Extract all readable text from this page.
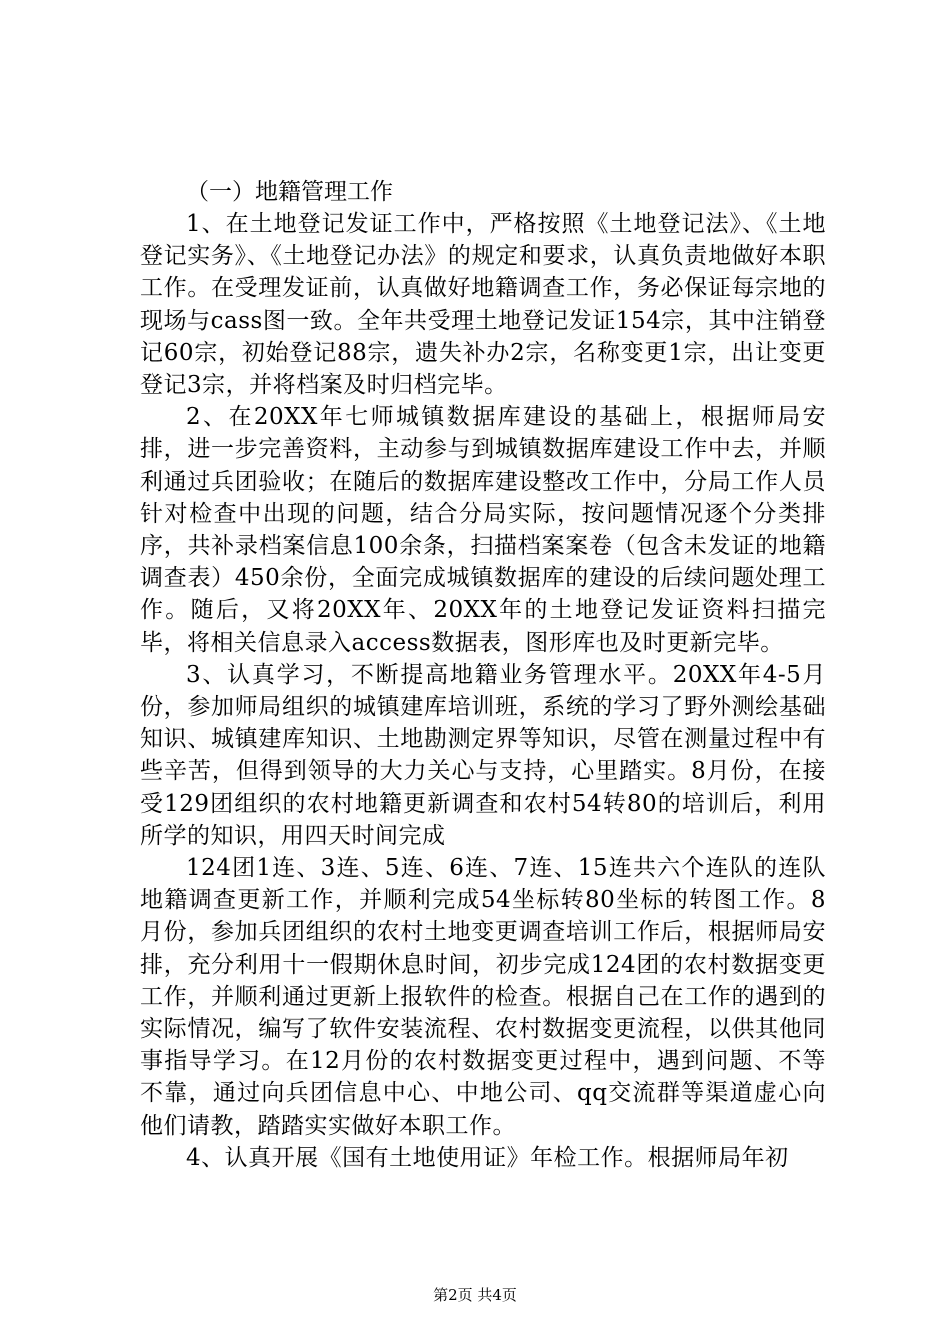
（一）地籍管理工作

1、在土地登记发证工作中，严格按照《土地登记法》、《土地登记实务》、《土地登记办法》的规定和要求，认真负责地做好本职工作。在受理发证前，认真做好地籍调查工作，务必保证每宗地的现场与cass图一致。全年共受理土地登记发证154宗，其中注销登记60宗，初始登记88宗，遗失补办2宗，名称变更1宗，出让变更登记3宗，并将档案及时归档完毕。

2、在20XX年七师城镇数据库建设的基础上，根据师局安排，进一步完善资料，主动参与到城镇数据库建设工作中去，并顺利通过兵团验收；在随后的数据库建设整改工作中，分局工作人员针对检查中出现的问题，结合分局实际，按问题情况逐个分类排序，共补录档案信息100余条，扫描档案案卷（包含未发证的地籍调查表）450余份，全面完成城镇数据库的建设的后续问题处理工作。随后，又将20XX年、20XX年的土地登记发证资料扫描完毕，将相关信息录入access数据表，图形库也及时更新完毕。

3、认真学习，不断提高地籍业务管理水平。20XX年4-5月份，参加师局组织的城镇建库培训班，系统的学习了野外测绘基础知识、城镇建库知识、土地勘测定界等知识，尽管在测量过程中有些辛苦，但得到领导的大力关心与支持，心里踏实。8月份，在接受129团组织的农村地籍更新调查和农村54转80的培训后，利用所学的知识，用四天时间完成

124团1连、3连、5连、6连、7连、15连共六个连队的连队地籍调查更新工作，并顺利完成54坐标转80坐标的转图工作。8月份，参加兵团组织的农村土地变更调查培训工作后，根据师局安排，充分利用十一假期休息时间，初步完成124团的农村数据变更工作，并顺利通过更新上报软件的检查。根据自己在工作的遇到的实际情况，编写了软件安装流程、农村数据变更流程，以供其他同事指导学习。在12月份的农村数据变更过程中，遇到问题、不等不靠，通过向兵团信息中心、中地公司、qq交流群等渠道虚心向他们请教，踏踏实实做好本职工作。

4、认真开展《国有土地使用证》年检工作。根据师局年初

第2页 共4页
